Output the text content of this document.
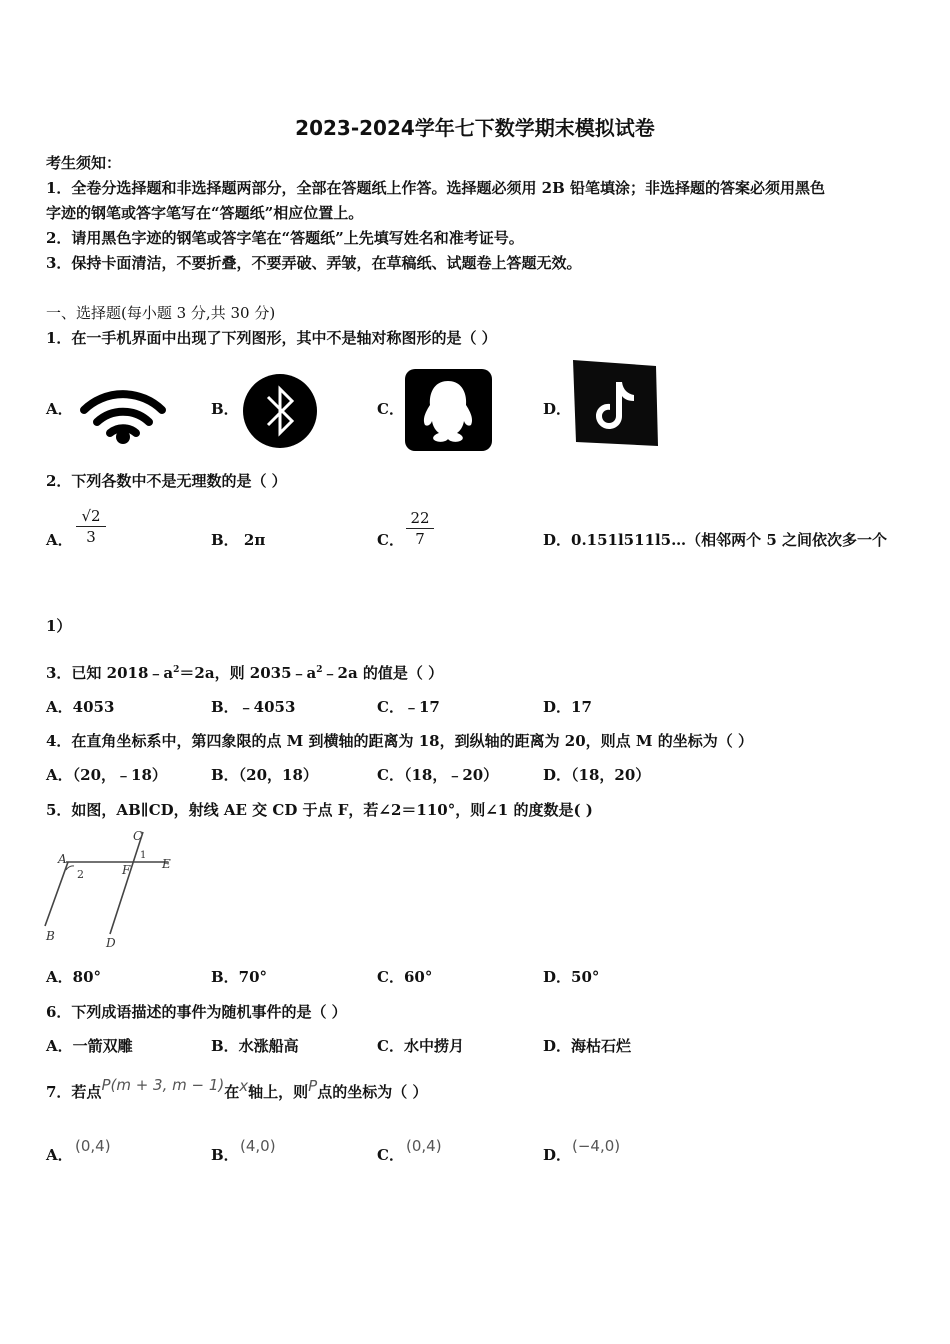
2023-2024学年七下数学期末模拟试卷
考生须知：
1．全卷分选择题和非选择题两部分，全部在答题纸上作答。选择题必须用 2B 铅笔填涂；非选择题的答案必须用黑色
字迹的钢笔或答字笔写在“答题纸”相应位置上。
2．请用黑色字迹的钢笔或答字笔在“答题纸”上先填写姓名和准考证号。
3．保持卡面清洁，不要折叠，不要弄破、弄皱，在草稿纸、试题卷上答题无效。
一、选择题(每小题 3 分,共 30 分)
1．在一手机界面中出现了下列图形，其中不是轴对称图形的是（ ）
A．	B．	C．	D．
2．下列各数中不是无理数的是（ ）
A．
√2
3	B． 2π	C．
22
7	D．0.151l511l5…（相邻两个 5 之间依次多一个
1）
3．已知 $2018﹣a^2=2a$，则 $2035﹣a^2﹣2a$ 的值是（ ）
A．4053	B．﹣4053	C．﹣17	D．17
4．在直角坐标系中，第四象限的点 M 到横轴的距离为 18，到纵轴的距离为 20，则点 M 的坐标为（ ）
A．（20，﹣18）	B．（20，18）	C．（18，﹣20）	D．（18，20）
5．如图，AB∥CD，射线 AE 交 CD 于点 F，若∠2＝110°，则∠1 的度数是( )
C
A	E
F
2
1
B	D
A．80°	B．70°	C．60°	D．50°
6．下列成语描述的事件为随机事件的是（ ）
A．一箭双雕	B．水涨船高	C．水中捞月	D．海枯石烂
7．若点P(m + 3, m − 1)在x轴上，则P点的坐标为（ ）
A． (0,4)	B． (4,0)	C． (0,4)	D． (−4,0)
